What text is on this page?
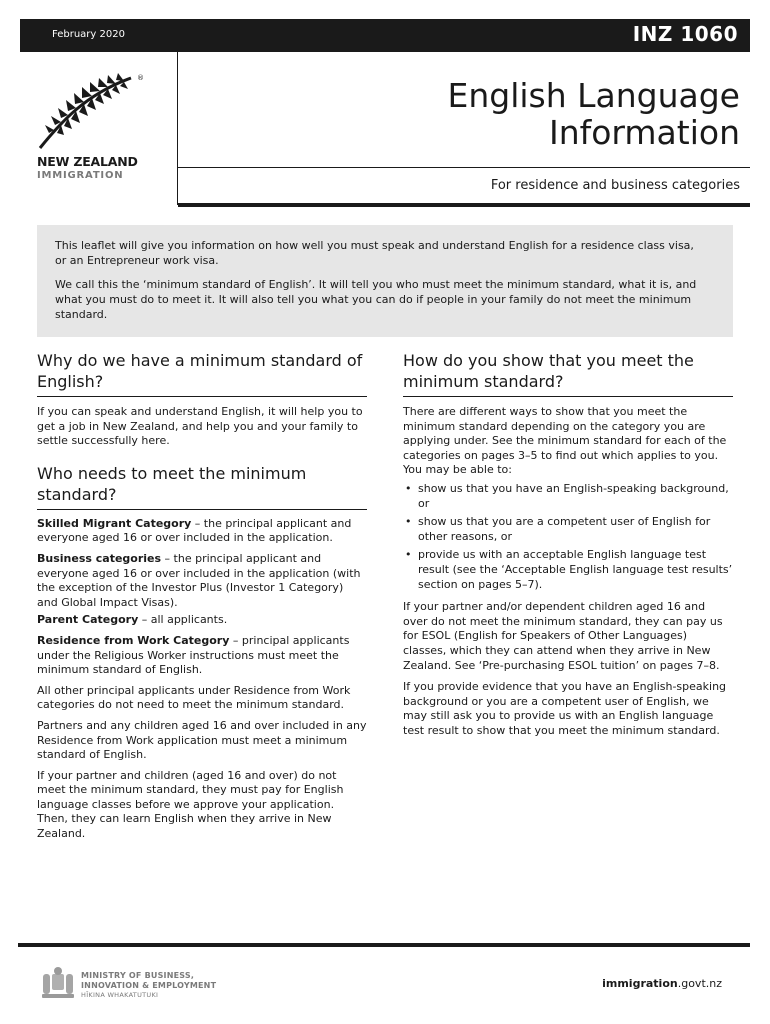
February 2020	INZ 1060
®
NEW ZEALAND
IMMIGRATION
English Language
Information
For residence and business categories

This leaflet will give you information on how well you must speak and understand English for a residence class visa, or an Entrepreneur work visa.

We call this the ‘minimum standard of English’. It will tell you who must meet the minimum standard, what it is, and what you must do to meet it. It will also tell you what you can do if people in your family do not meet the minimum standard.

Why do we have a minimum standard of English?

If you can speak and understand English, it will help you to get a job in New Zealand, and help you and your family to settle successfully here.

Who needs to meet the minimum standard?

Skilled Migrant Category – the principal applicant and everyone aged 16 or over included in the application.

Business categories – the principal applicant and everyone aged 16 or over included in the application (with the exception of the Investor Plus (Investor 1 Category) and Global Impact Visas).

Parent Category – all applicants.

Residence from Work Category – principal applicants under the Religious Worker instructions must meet the minimum standard of English.

All other principal applicants under Residence from Work categories do not need to meet the minimum standard.

Partners and any children aged 16 and over included in any Residence from Work application must meet a minimum standard of English.

If your partner and children (aged 16 and over) do not meet the minimum standard, they must pay for English language classes before we approve your application. Then, they can learn English when they arrive in New Zealand.

How do you show that you meet the minimum standard?

There are different ways to show that you meet the minimum standard depending on the category you are applying under. See the minimum standard for each of the categories on pages 3–5 to find out which applies to you. You may be able to:

• show us that you have an English-speaking background, or
• show us that you are a competent user of English for other reasons, or
• provide us with an acceptable English language test result (see the ‘Acceptable English language test results’ section on pages 5–7).

If your partner and/or dependent children aged 16 and over do not meet the minimum standard, they can pay us for ESOL (English for Speakers of Other Languages) classes, which they can attend when they arrive in New Zealand. See ‘Pre-purchasing ESOL tuition’ on pages 7–8.

If you provide evidence that you have an English-speaking background or you are a competent user of English, we may still ask you to provide us with an English language test result to show that you meet the minimum standard.

MINISTRY OF BUSINESS,
INNOVATION & EMPLOYMENT
HĪKINA WHAKATUTUKI
immigration.govt.nz
